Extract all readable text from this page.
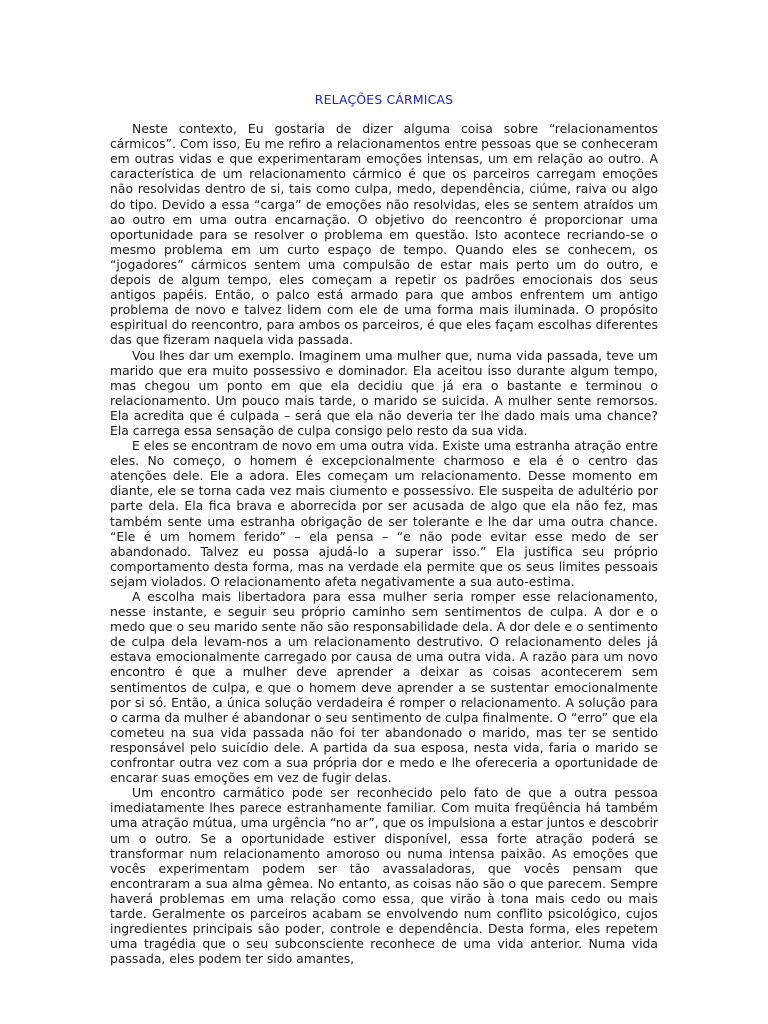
RELAÇÕES CÁRMICAS

Neste contexto, Eu gostaria de dizer alguma coisa sobre “relacionamentos cármicos”. Com isso, Eu me refiro a relacionamentos entre pessoas que se conheceram em outras vidas e que experimentaram emoções intensas, um em relação ao outro. A característica de um relacionamento cármico é que os parceiros carregam emoções não resolvidas dentro de si, tais como culpa, medo, dependência, ciúme, raiva ou algo do tipo. Devido a essa “carga” de emoções não resolvidas, eles se sentem atraídos um ao outro em uma outra encarnação. O objetivo do reencontro é proporcionar uma oportunidade para se resolver o problema em questão. Isto acontece recriando-se o mesmo problema em um curto espaço de tempo. Quando eles se conhecem, os “jogadores” cármicos sentem uma compulsão de estar mais perto um do outro, e depois de algum tempo, eles começam a repetir os padrões emocionais dos seus antigos papéis. Então, o palco está armado para que ambos enfrentem um antigo problema de novo e talvez lidem com ele de uma forma mais iluminada. O propósito espiritual do reencontro, para ambos os parceiros, é que eles façam escolhas diferentes das que fizeram naquela vida passada.

Vou lhes dar um exemplo. Imaginem uma mulher que, numa vida passada, teve um marido que era muito possessivo e dominador. Ela aceitou isso durante algum tempo, mas chegou um ponto em que ela decidiu que já era o bastante e terminou o relacionamento. Um pouco mais tarde, o marido se suicida. A mulher sente remorsos. Ela acredita que é culpada – será que ela não deveria ter lhe dado mais uma chance? Ela carrega essa sensação de culpa consigo pelo resto da sua vida.

E eles se encontram de novo em uma outra vida. Existe uma estranha atração entre eles. No começo, o homem é excepcionalmente charmoso e ela é o centro das atenções dele. Ele a adora. Eles começam um relacionamento. Desse momento em diante, ele se torna cada vez mais ciumento e possessivo. Ele suspeita de adultério por parte dela. Ela fica brava e aborrecida por ser acusada de algo que ela não fez, mas também sente uma estranha obrigação de ser tolerante e lhe dar uma outra chance. “Ele é um homem ferido” – ela pensa – “e não pode evitar esse medo de ser abandonado. Talvez eu possa ajudá-lo a superar isso.” Ela justifica seu próprio comportamento desta forma, mas na verdade ela permite que os seus limites pessoais sejam violados. O relacionamento afeta negativamente a sua auto-estima.

A escolha mais libertadora para essa mulher seria romper esse relacionamento, nesse instante, e seguir seu próprio caminho sem sentimentos de culpa. A dor e o medo que o seu marido sente não são responsabilidade dela. A dor dele e o sentimento de culpa dela levam-nos a um relacionamento destrutivo. O relacionamento deles já estava emocionalmente carregado por causa de uma outra vida. A razão para um novo encontro é que a mulher deve aprender a deixar as coisas acontecerem sem sentimentos de culpa, e que o homem deve aprender a se sustentar emocionalmente por si só. Então, a única solução verdadeira é romper o relacionamento. A solução para o carma da mulher é abandonar o seu sentimento de culpa finalmente. O “erro” que ela cometeu na sua vida passada não foi ter abandonado o marido, mas ter se sentido responsável pelo suicídio dele. A partida da sua esposa, nesta vida, faria o marido se confrontar outra vez com a sua própria dor e medo e lhe ofereceria a oportunidade de encarar suas emoções em vez de fugir delas.

Um encontro carmático pode ser reconhecido pelo fato de que a outra pessoa imediatamente lhes parece estranhamente familiar. Com muita freqüência há também uma atração mútua, uma urgência “no ar”, que os impulsiona a estar juntos e descobrir um o outro. Se a oportunidade estiver disponível, essa forte atração poderá se transformar num relacionamento amoroso ou numa intensa paixão. As emoções que vocês experimentam podem ser tão avassaladoras, que vocês pensam que encontraram a sua alma gêmea. No entanto, as coisas não são o que parecem. Sempre haverá problemas em uma relação como essa, que virão à tona mais cedo ou mais tarde. Geralmente os parceiros acabam se envolvendo num conflito psicológico, cujos ingredientes principais são poder, controle e dependência. Desta forma, eles repetem uma tragédia que o seu subconsciente reconhece de uma vida anterior. Numa vida passada, eles podem ter sido amantes,
